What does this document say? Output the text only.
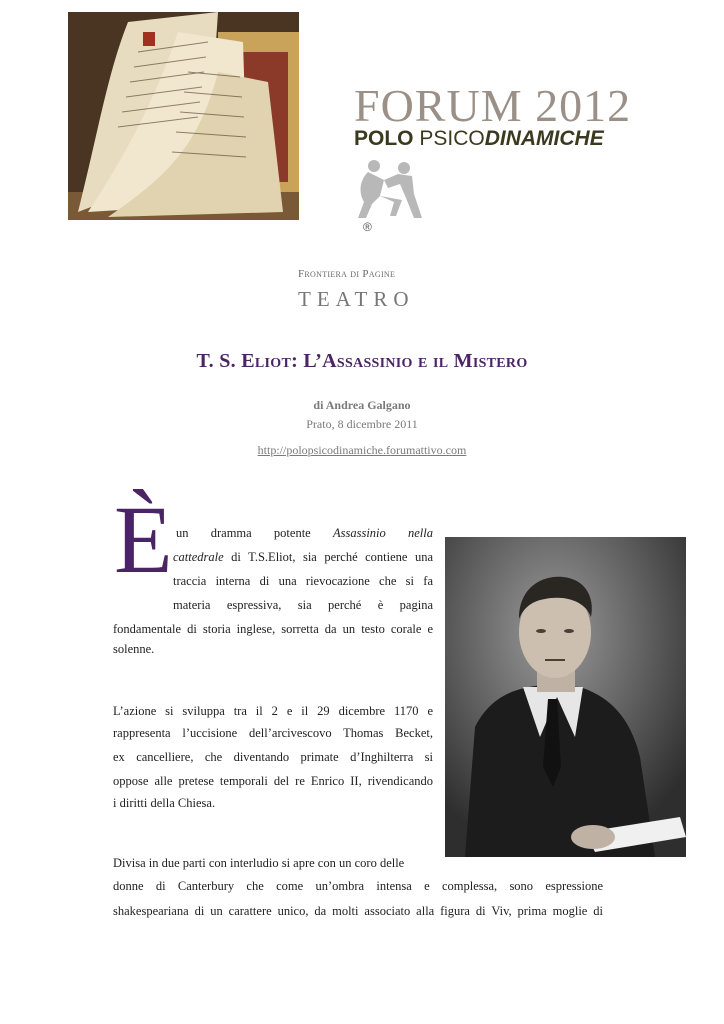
FORUM 2012
POLO PSICODINAMICHE
®
Frontiera di Pagine
TEATRO
T. S. Eliot: L’Assassinio e il Mistero
di Andrea Galgano
Prato, 8 dicembre 2011
http://polopsicodinamiche.forumattivo.com
È un dramma potente Assassinio nella

cattedrale di T.S.Eliot, sia perché contiene una

traccia interna di una rievocazione che si fa

materia espressiva, sia perché è pagina

fondamentale di storia inglese, sorretta da un testo corale e

solenne.

L’azione si sviluppa tra il 2 e il 29 dicembre 1170 e

rappresenta l’uccisione dell’arcivescovo Thomas Becket,

ex cancelliere, che diventando primate d’Inghilterra si

oppose alle pretese temporali del re Enrico II, rivendicando

i diritti della Chiesa.

Divisa in due parti con interludio si apre con un coro delle

donne di Canterbury che come un’ombra intensa e complessa, sono espressione

shakespeariana di un carattere unico, da molti associato alla figura di Viv, prima moglie di
